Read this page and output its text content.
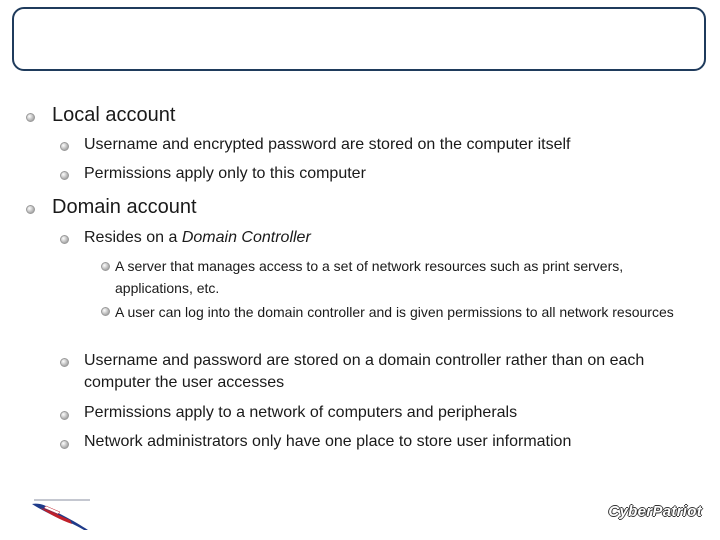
Local account
Username and encrypted password are stored on the computer itself
Permissions apply only to this computer
Domain account
Resides on a Domain Controller
A server that manages access to a set of network resources such as print servers, applications, etc.
A user can log into the domain controller and is given permissions to all network resources
Username and password are stored on a domain controller rather than on each computer the user accesses
Permissions apply to a network of computers and peripherals
Network administrators only have one place to store user information
CyberPatriot
